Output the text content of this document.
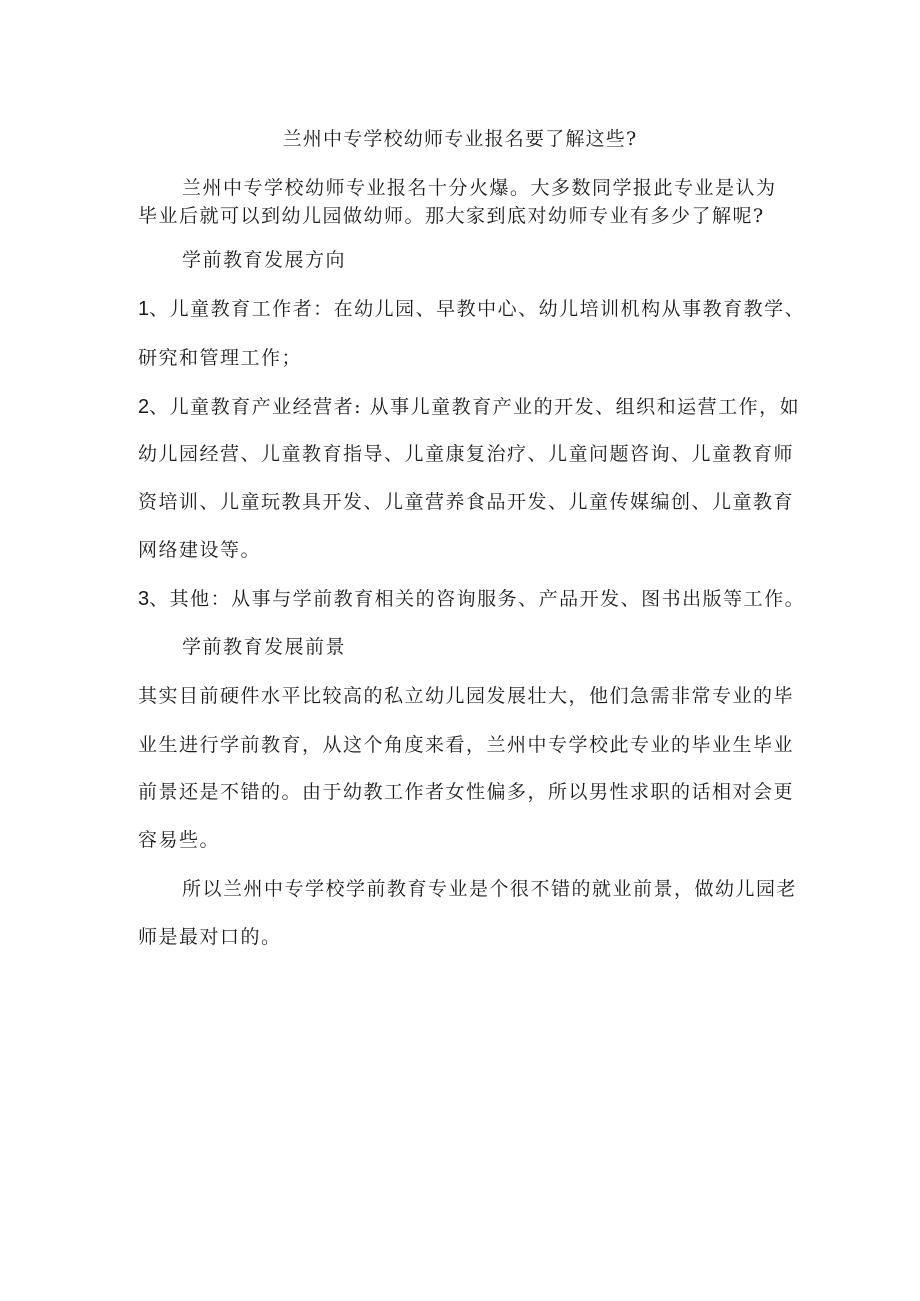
兰州中专学校幼师专业报名要了解这些?
兰州中专学校幼师专业报名十分火爆。大多数同学报此专业是认为
毕业后就可以到幼儿园做幼师。那大家到底对幼师专业有多少了解呢?
学前教育发展方向
1、儿童教育工作者：在幼儿园、早教中心、幼儿培训机构从事教育教学、
研究和管理工作；
2、儿童教育产业经营者: 从事儿童教育产业的开发、组织和运营工作，如
幼儿园经营、儿童教育指导、儿童康复治疗、儿童问题咨询、儿童教育师
资培训、儿童玩教具开发、儿童营养食品开发、儿童传媒编创、儿童教育
网络建设等。
3、其他：从事与学前教育相关的咨询服务、产品开发、图书出版等工作。
学前教育发展前景
其实目前硬件水平比较高的私立幼儿园发展壮大，他们急需非常专业的毕
业生进行学前教育，从这个角度来看，兰州中专学校此专业的毕业生毕业
前景还是不错的。由于幼教工作者女性偏多，所以男性求职的话相对会更
容易些。
所以兰州中专学校学前教育专业是个很不错的就业前景，做幼儿园老
师是最对口的。
